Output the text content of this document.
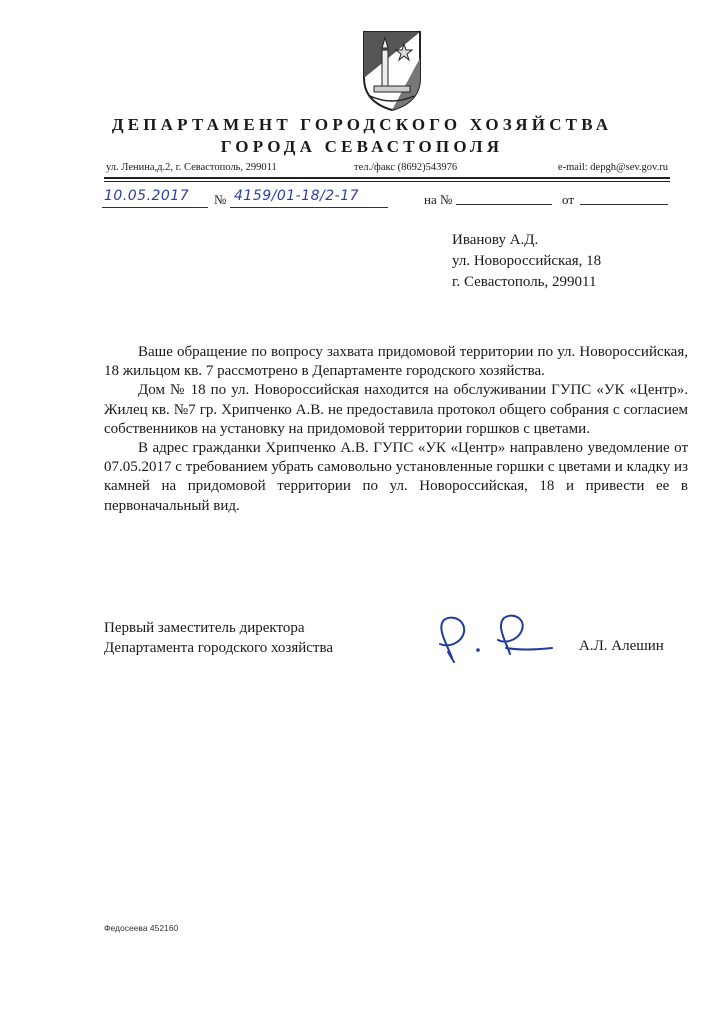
ДЕПАРТАМЕНТ ГОРОДСКОГО ХОЗЯЙСТВА
ГОРОДА СЕВАСТОПОЛЯ
ул. Ленина,д.2, г. Севастополь, 299011	тел./факс (8692)543976	e-mail: depgh@sev.gov.ru
10.05.2017 № 4159/01-18/2-17	на №	от
Иванову А.Д.
ул. Новороссийская, 18
г. Севастополь, 299011

Ваше обращение по вопросу захвата придомовой территории по ул. Новороссийская, 18 жильцом кв. 7 рассмотрено в Департаменте городского хозяйства.

Дом № 18 по ул. Новороссийская находится на обслуживании ГУПС «УК «Центр». Жилец кв. №7 гр. Хрипченко А.В. не предоставила протокол общего собрания с согласием собственников на установку на придомовой территории горшков с цветами.

В адрес гражданки Хрипченко А.В. ГУПС «УК «Центр» направлено уведомление от 07.05.2017 с требованием убрать самовольно установленные горшки с цветами и кладку из камней на придомовой территории по ул. Новороссийская, 18 и привести ее в первоначальный вид.

Первый заместитель директора
Департамента городского хозяйства	А.Л. Алешин
Федосеева 452160
